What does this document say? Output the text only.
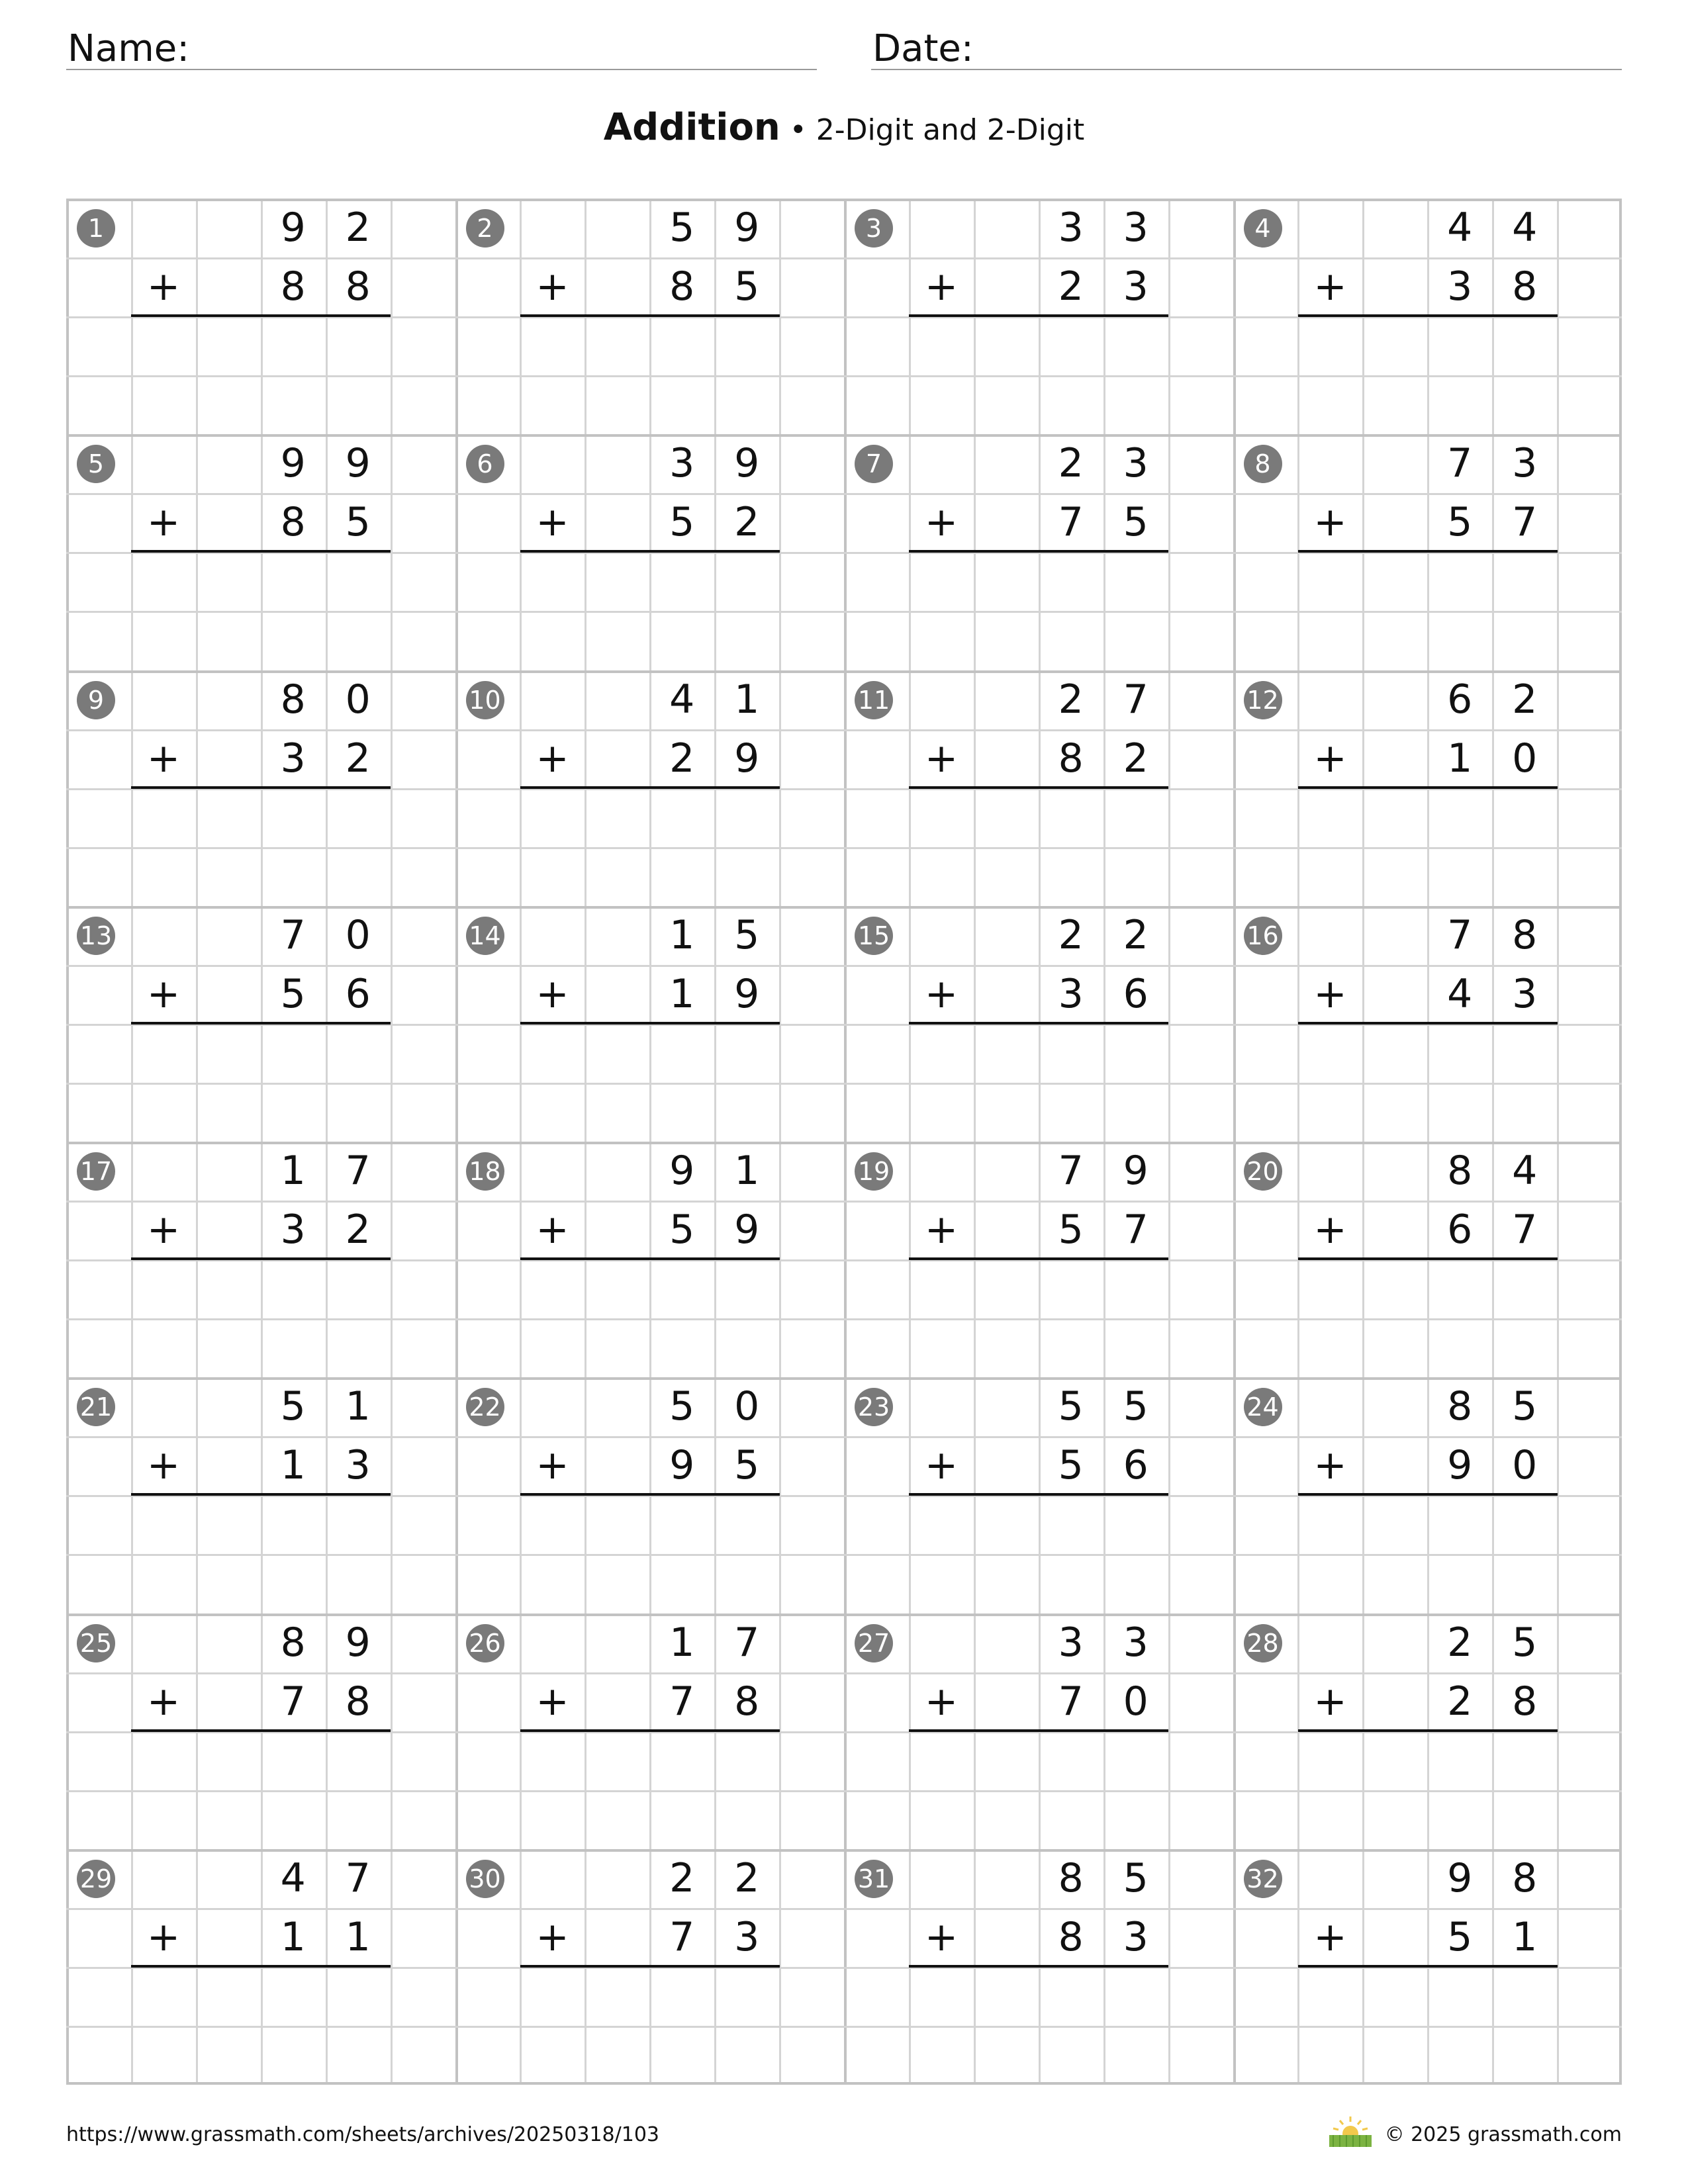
Name:	Date:
Addition • 2-Digit and 2-Digit
1	9 2
8 8
+
2	5 9
8 5
+
3	3 3
2 3
+
4	4 4
3 8
+
5	9 9
8 5
+
6	3 9
5 2
+
7	2 3
7 5
+
8	7 3
5 7
+
9	8 0
3 2
+
10	4 1
2 9
+
11	2 7
8 2
+
12	6 2
1 0
+
13	7 0
5 6
+
14	1 5
1 9
+
15	2 2
3 6
+
16	7 8
4 3
+
17	1 7
3 2
+
18	9 1
5 9
+
19	7 9
5 7
+
20	8 4
6 7
+
21	5 1
1 3
+
22	5 0
9 5
+
23	5 5
5 6
+
24	8 5
9 0
+
25	8 9
7 8
+
26	1 7
7 8
+
27	3 3
7 0
+
28	2 5
2 8
+
29	4 7
1 1
+
30	2 2
7 3
+
31	8 5
8 3
+
32	9 8
5 1
+
https://www.grassmath.com/sheets/archives/20250318/103	© 2025 grassmath.com
